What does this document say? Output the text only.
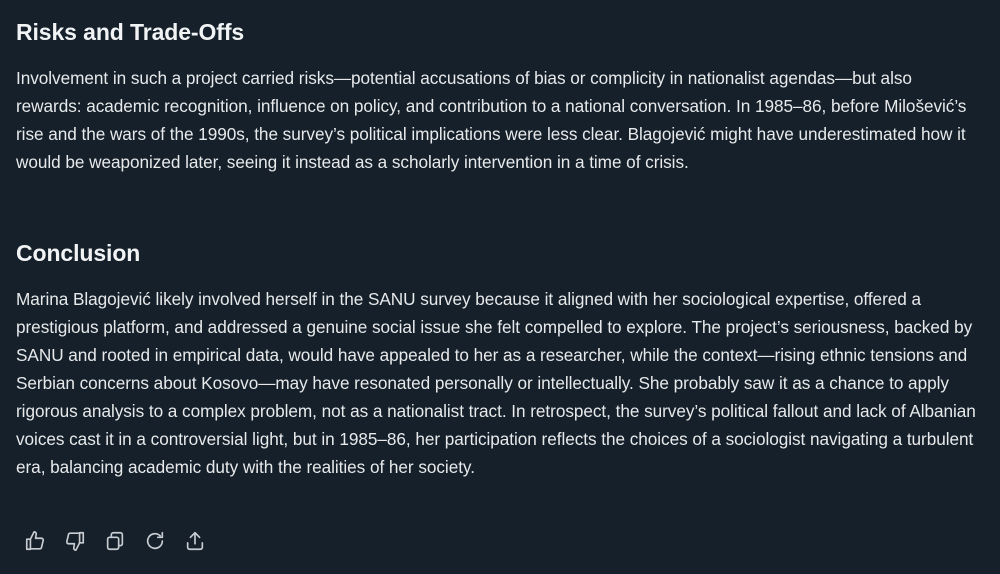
Risks and Trade-Offs

Involvement in such a project carried risks—potential accusations of bias or complicity in nationalist agendas—but also rewards: academic recognition, influence on policy, and contribution to a national conversation. In 1985–86, before Milošević’s rise and the wars of the 1990s, the survey’s political implications were less clear. Blagojević might have underestimated how it would be weaponized later, seeing it instead as a scholarly intervention in a time of crisis.

Conclusion

Marina Blagojević likely involved herself in the SANU survey because it aligned with her sociological expertise, offered a prestigious platform, and addressed a genuine social issue she felt compelled to explore. The project’s seriousness, backed by SANU and rooted in empirical data, would have appealed to her as a researcher, while the context—rising ethnic tensions and Serbian concerns about Kosovo—may have resonated personally or intellectually. She probably saw it as a chance to apply rigorous analysis to a complex problem, not as a nationalist tract. In retrospect, the survey’s political fallout and lack of Albanian voices cast it in a controversial light, but in 1985–86, her participation reflects the choices of a sociologist navigating a turbulent era, balancing academic duty with the realities of her society.
